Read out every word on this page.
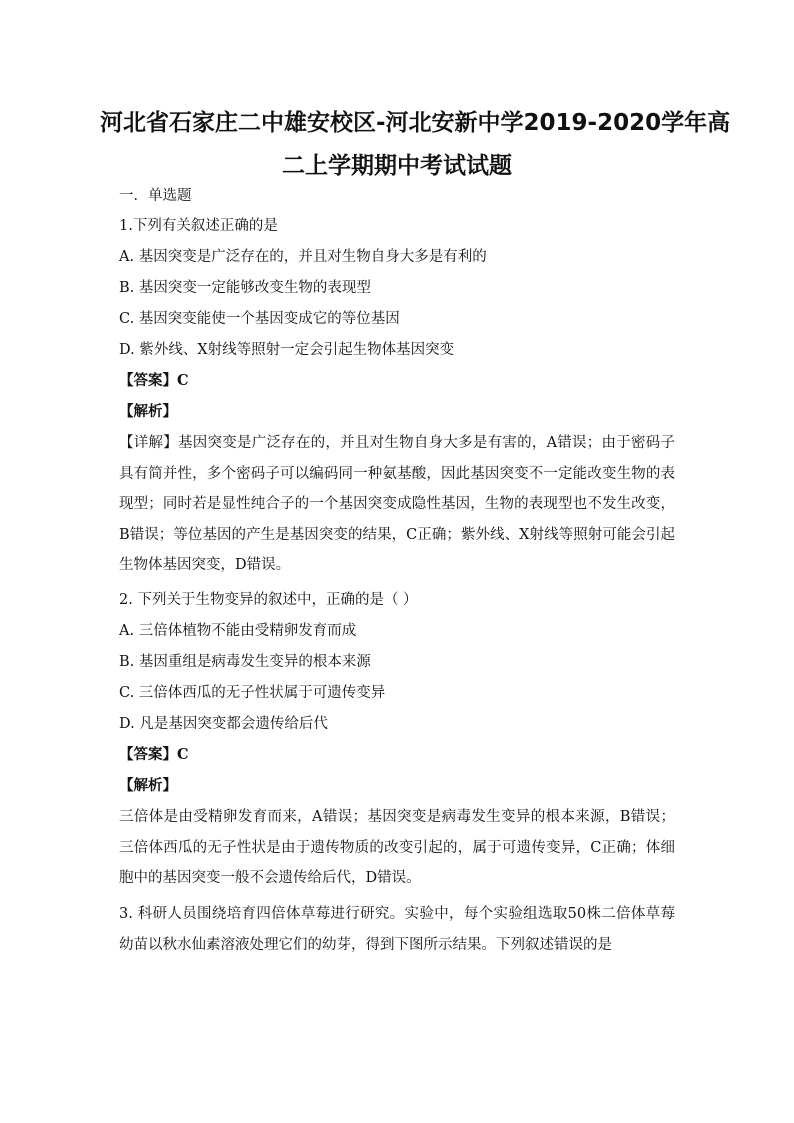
河北省石家庄二中雄安校区-河北安新中学2019-2020学年高
二上学期期中考试试题
一．单选题
1.下列有关叙述正确的是
A. 基因突变是广泛存在的，并且对生物自身大多是有利的
B. 基因突变一定能够改变生物的表现型
C. 基因突变能使一个基因变成它的等位基因
D. 紫外线、X射线等照射一定会引起生物体基因突变
【答案】C
【解析】
【详解】基因突变是广泛存在的，并且对生物自身大多是有害的，A错误；由于密码子具有简并性，多个密码子可以编码同一种氨基酸，因此基因突变不一定能改变生物的表现型；同时若是显性纯合子的一个基因突变成隐性基因，生物的表现型也不发生改变，B错误；等位基因的产生是基因突变的结果，C正确；紫外线、X射线等照射可能会引起生物体基因突变，D错误。
2. 下列关于生物变异的叙述中，正确的是（ ）
A. 三倍体植物不能由受精卵发育而成
B. 基因重组是病毒发生变异的根本来源
C. 三倍体西瓜的无子性状属于可遗传变异
D. 凡是基因突变都会遗传给后代
【答案】C
【解析】
三倍体是由受精卵发育而来，A错误；基因突变是病毒发生变异的根本来源，B错误；三倍体西瓜的无子性状是由于遗传物质的改变引起的，属于可遗传变异，C正确；体细胞中的基因突变一般不会遗传给后代，D错误。
3. 科研人员围绕培育四倍体草莓进行研究。实验中，每个实验组选取50株二倍体草莓幼苗以秋水仙素溶液处理它们的幼芽，得到下图所示结果。下列叙述错误的是
